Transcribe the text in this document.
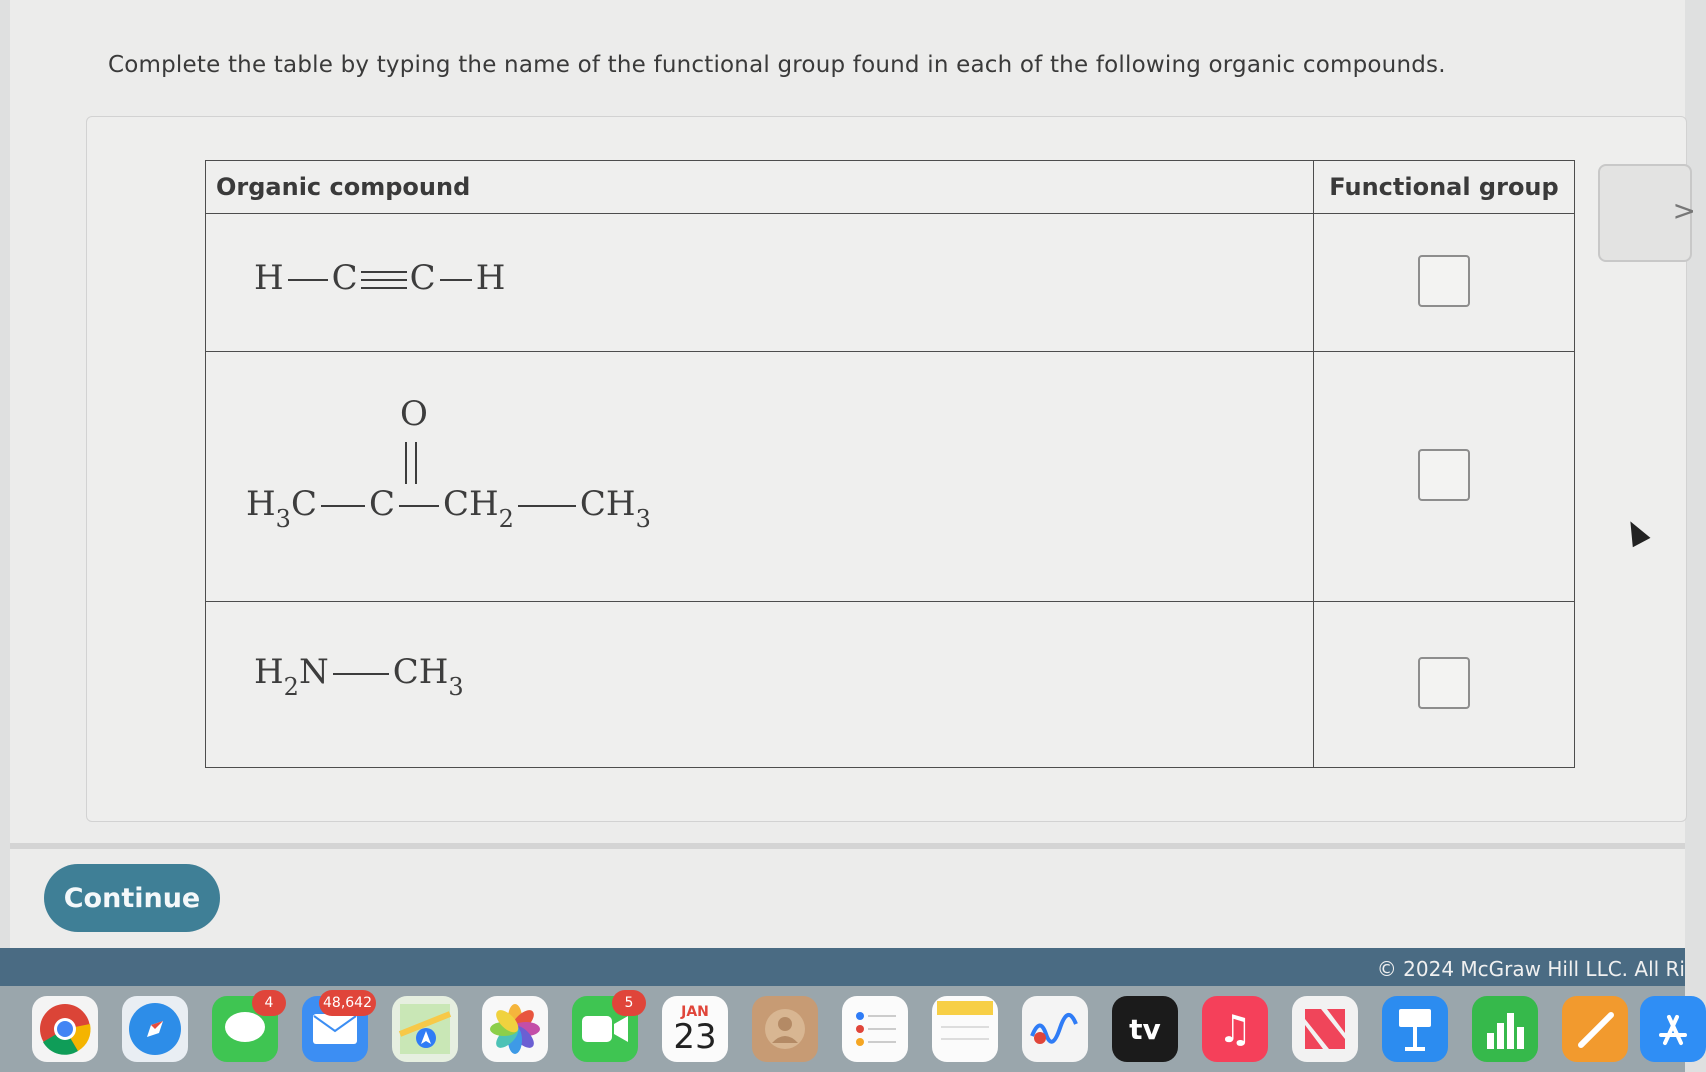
Complete the table by typing the name of the functional group found in each of the following organic compounds.
Organic compound	Functional group

H C C H	

O
$H_3C$ C $CH_2$ $CH_3$

$H_2N$ $CH_3$

>
Continue
© 2024 McGraw Hill LLC. All Ri
4	48,642	5
JAN
23	tv	♫
